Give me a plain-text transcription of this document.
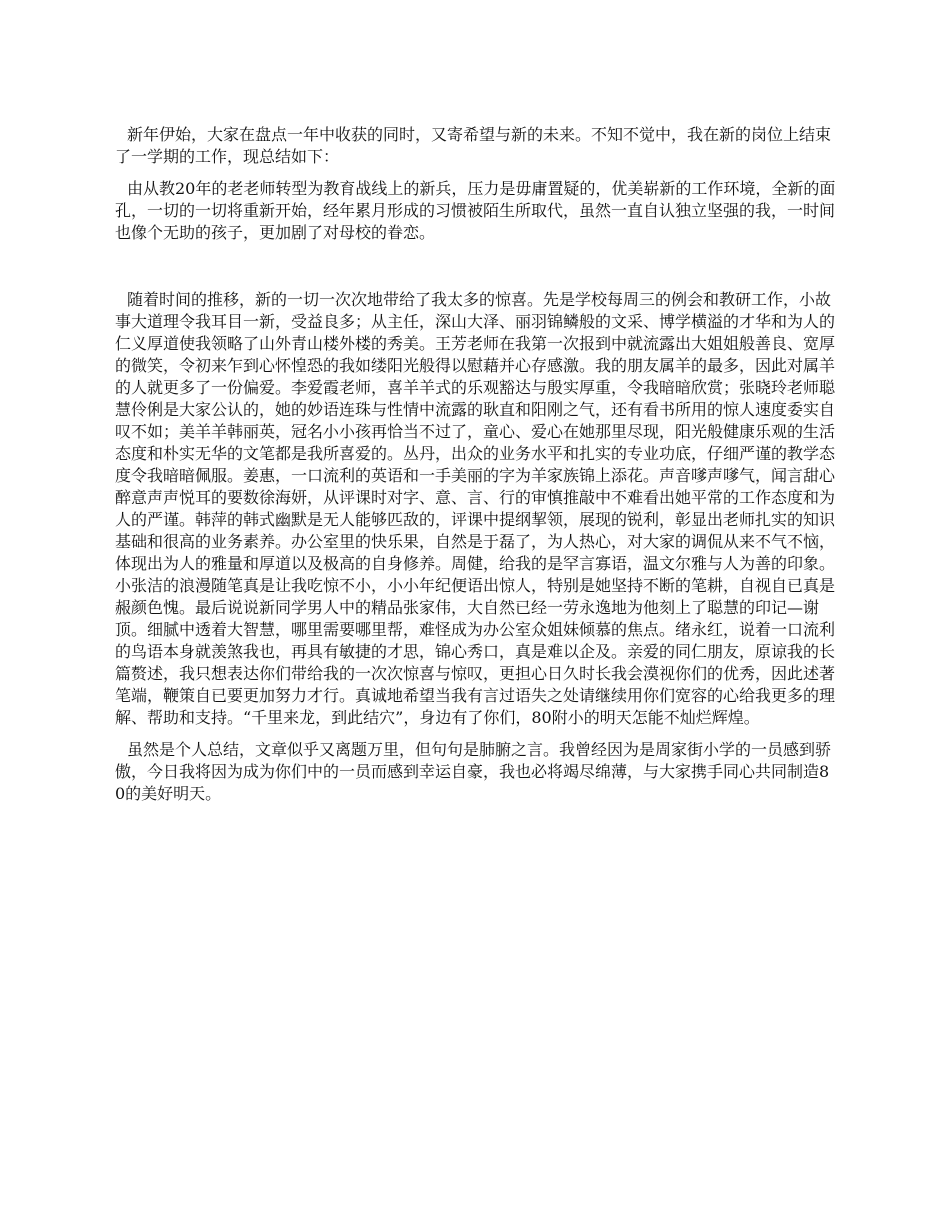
新年伊始，大家在盘点一年中收获的同时，又寄希望与新的未来。不知不觉中，我在新的岗位上结束了一学期的工作，现总结如下：

由从教20年的老老师转型为教育战线上的新兵，压力是毋庸置疑的，优美崭新的工作环境，全新的面孔，一切的一切将重新开始，经年累月形成的习惯被陌生所取代，虽然一直自认独立坚强的我，一时间也像个无助的孩子，更加剧了对母校的眷恋。

随着时间的推移，新的一切一次次地带给了我太多的惊喜。先是学校每周三的例会和教研工作，小故事大道理令我耳目一新，受益良多；从主任，深山大泽、丽羽锦鳞般的文采、博学横溢的才华和为人的仁义厚道使我领略了山外青山楼外楼的秀美。王芳老师在我第一次报到中就流露出大姐姐般善良、宽厚的微笑，令初来乍到心怀惶恐的我如缕阳光般得以慰藉并心存感激。我的朋友属羊的最多，因此对属羊的人就更多了一份偏爱。李爱霞老师，喜羊羊式的乐观豁达与殷实厚重，令我暗暗欣赏；张晓玲老师聪慧伶俐是大家公认的，她的妙语连珠与性情中流露的耿直和阳刚之气，还有看书所用的惊人速度委实自叹不如；美羊羊韩丽英，冠名小小孩再恰当不过了，童心、爱心在她那里尽现，阳光般健康乐观的生活态度和朴实无华的文笔都是我所喜爱的。丛丹，出众的业务水平和扎实的专业功底，仔细严谨的教学态度令我暗暗佩服。姜惠，一口流利的英语和一手美丽的字为羊家族锦上添花。声音嗲声嗲气，闻言甜心醉意声声悦耳的要数徐海妍，从评课时对字、意、言、行的审慎推敲中不难看出她平常的工作态度和为人的严谨。韩萍的韩式幽默是无人能够匹敌的，评课中提纲挈领，展现的锐利，彰显出老师扎实的知识基础和很高的业务素养。办公室里的快乐果，自然是于磊了，为人热心，对大家的调侃从来不气不恼，体现出为人的雅量和厚道以及极高的自身修养。周健，给我的是罕言寡语，温文尔雅与人为善的印象。小张洁的浪漫随笔真是让我吃惊不小，小小年纪便语出惊人，特别是她坚持不断的笔耕，自视自已真是赧颜色愧。最后说说新同学男人中的精品张家伟，大自然已经一劳永逸地为他刻上了聪慧的印记—谢顶。细腻中透着大智慧，哪里需要哪里帮，难怪成为办公室众姐妹倾慕的焦点。绪永红，说着一口流利的鸟语本身就羡煞我也，再具有敏捷的才思，锦心秀口，真是难以企及。亲爱的同仁朋友，原谅我的长篇赘述，我只想表达你们带给我的一次次惊喜与惊叹，更担心日久时长我会漠视你们的优秀，因此述著笔端，鞭策自已要更加努力才行。真诚地希望当我有言过语失之处请继续用你们宽容的心给我更多的理解、帮助和支持。“千里来龙，到此结穴”，身边有了你们，80附小的明天怎能不灿烂辉煌。

虽然是个人总结，文章似乎又离题万里，但句句是肺腑之言。我曾经因为是周家街小学的一员感到骄傲，今日我将因为成为你们中的一员而感到幸运自豪，我也必将竭尽绵薄，与大家携手同心共同制造80的美好明天。
